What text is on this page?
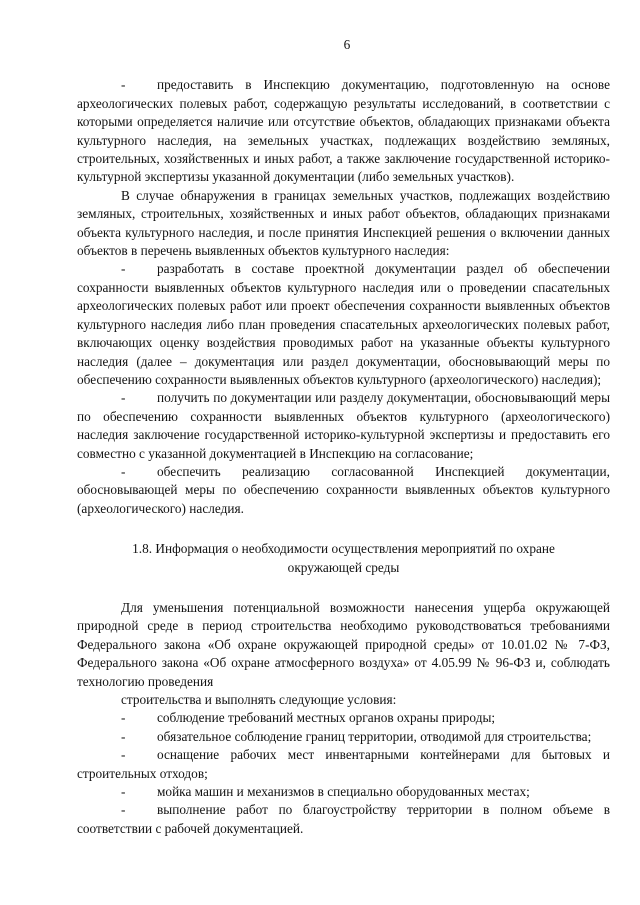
6

- предоставить в Инспекцию документацию, подготовленную на основе археологических полевых работ, содержащую результаты исследований, в соответствии с которыми определяется наличие или отсутствие объектов, обладающих признаками объекта культурного наследия, на земельных участках, подлежащих воздействию земляных, строительных, хозяйственных и иных работ, а также заключение государственной историко-культурной экспертизы указанной документации (либо земельных участков).

В случае обнаружения в границах земельных участков, подлежащих воздействию земляных, строительных, хозяйственных и иных работ объектов, обладающих признаками объекта культурного наследия, и после принятия Инспекцией решения о включении данных объектов в перечень выявленных объектов культурного наследия:

- разработать в составе проектной документации раздел об обеспечении сохранности выявленных объектов культурного наследия или о проведении спасательных археологических полевых работ или проект обеспечения сохранности выявленных объектов культурного наследия либо план проведения спасательных археологических полевых работ, включающих оценку воздействия проводимых работ на указанные объекты культурного наследия (далее – документация или раздел документации, обосновывающий меры по обеспечению сохранности выявленных объектов культурного (археологического) наследия);

- получить по документации или разделу документации, обосновывающий меры по обеспечению сохранности выявленных объектов культурного (археологического) наследия заключение государственной историко-культурной экспертизы и предоставить его совместно с указанной документацией в Инспекцию на согласование;

- обеспечить реализацию согласованной Инспекцией документации, обосновывающей меры по обеспечению сохранности выявленных объектов культурного (археологического) наследия.

1.8. Информация о необходимости осуществления мероприятий по охране
окружающей среды

Для уменьшения потенциальной возможности нанесения ущерба окружающей природной среде в период строительства необходимо руководствоваться требованиями Федерального закона «Об охране окружающей природной среды» от 10.01.02 № 7-ФЗ, Федерального закона «Об охране атмосферного воздуха» от 4.05.99 № 96-ФЗ и, соблюдать технологию проведения

строительства и выполнять следующие условия:

- соблюдение требований местных органов охраны природы;

- обязательное соблюдение границ территории, отводимой для строительства;

- оснащение рабочих мест инвентарными контейнерами для бытовых и строительных отходов;

- мойка машин и механизмов в специально оборудованных местах;

- выполнение работ по благоустройству территории в полном объеме в соответствии с рабочей документацией.
